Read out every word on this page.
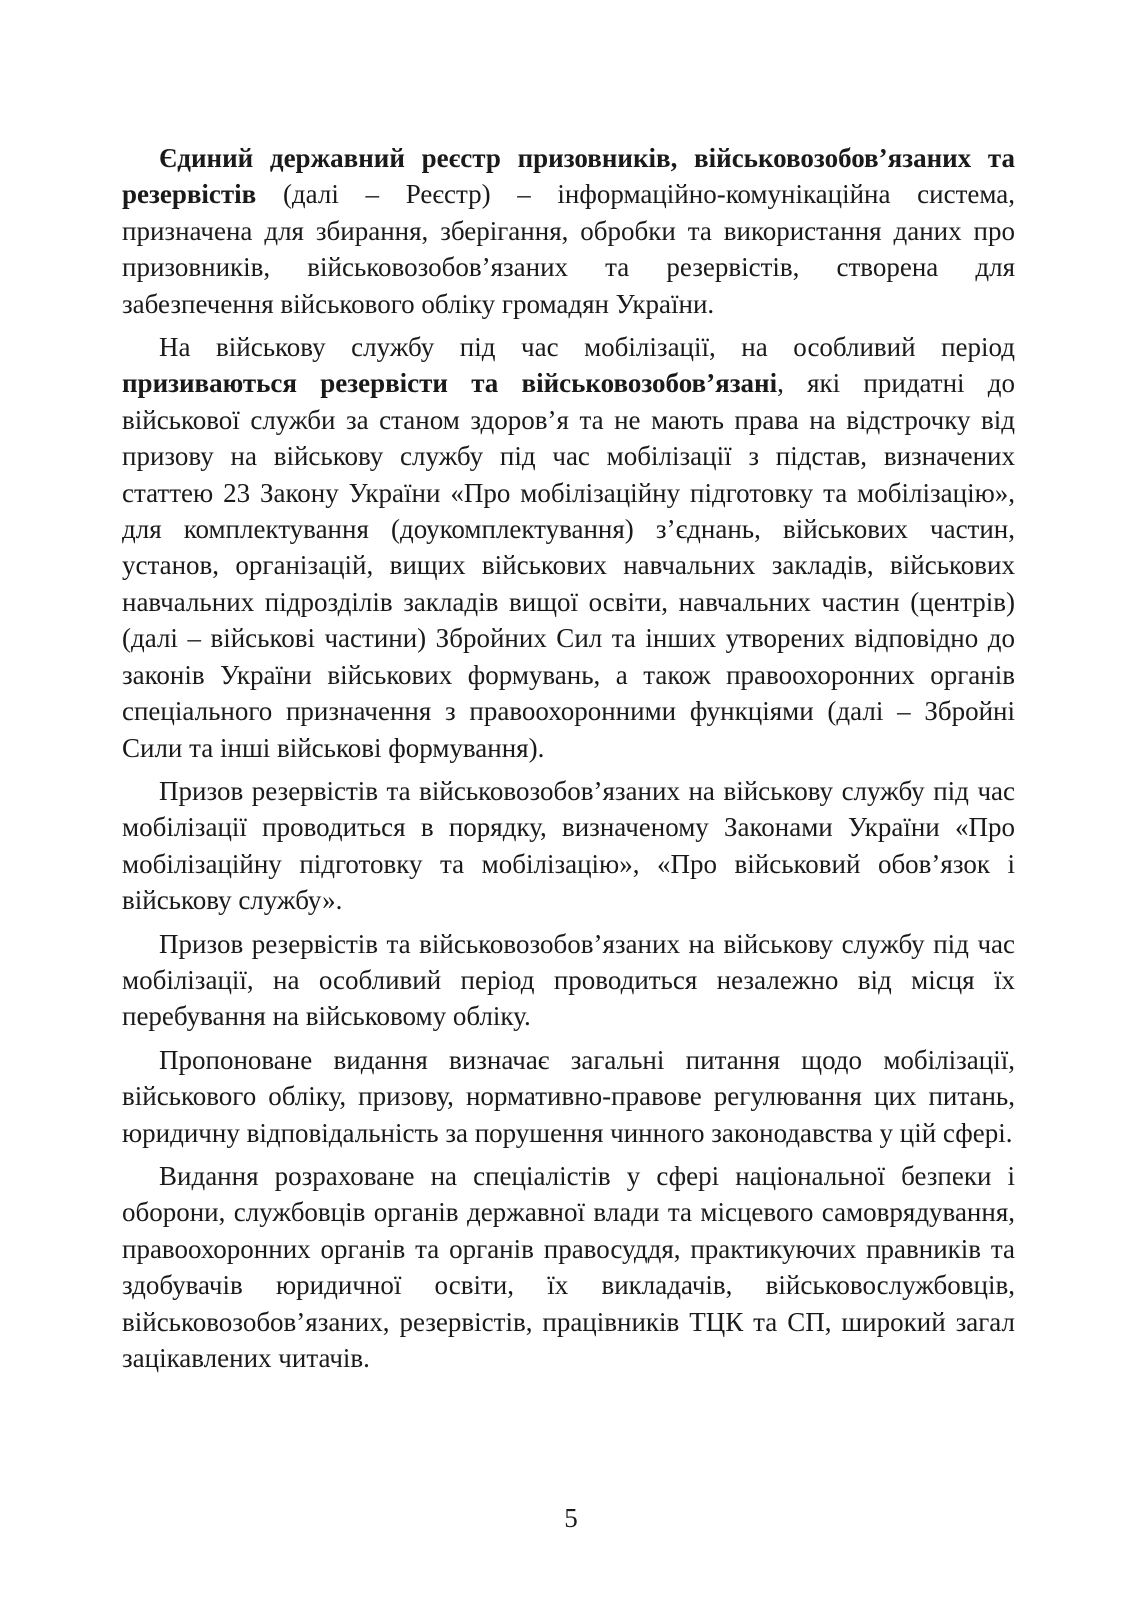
Єдиний державний реєстр призовників, військовозобов’язаних та резервістів (далі – Реєстр) – інформаційно-комунікаційна система, призначена для збирання, зберігання, обробки та використання даних про призовників, військовозобов’язаних та резервістів, створена для забезпечення військового обліку громадян України.

На військову службу під час мобілізації, на особливий період призиваються резервісти та військовозобов’язані, які придатні до військової служби за станом здоров’я та не мають права на відстрочку від призову на військову службу під час мобілізації з підстав, визначених статтею 23 Закону України «Про мобілізаційну підготовку та мобілізацію», для комплектування (доукомплектування) з’єднань, військових частин, установ, організацій, вищих військових навчальних закладів, військових навчальних підрозділів закладів вищої освіти, навчальних частин (центрів) (далі – військові частини) Збройних Сил та інших утворених відповідно до законів України військових формувань, а також правоохоронних органів спеціального призначення з правоохоронними функціями (далі – Збройні Сили та інші військові формування).

Призов резервістів та військовозобов’язаних на військову службу під час мобілізації проводиться в порядку, визначеному Законами України «Про мобілізаційну підготовку та мобілізацію», «Про військовий обов’язок і військову службу».

Призов резервістів та військовозобов’язаних на військову службу під час мобілізації, на особливий період проводиться незалежно від місця їх перебування на військовому обліку.

Пропоноване видання визначає загальні питання щодо мобілізації, військового обліку, призову, нормативно-правове регулювання цих питань, юридичну відповідальність за порушення чинного законодавства у цій сфері.

Видання розраховане на спеціалістів у сфері національної безпеки і оборони, службовців органів державної влади та місцевого самоврядування, правоохоронних органів та органів правосуддя, практикуючих правників та здобувачів юридичної освіти, їх викладачів, військовослужбовців, військовозобов’язаних, резервістів, працівників ТЦК та СП, широкий загал зацікавлених читачів.

5
